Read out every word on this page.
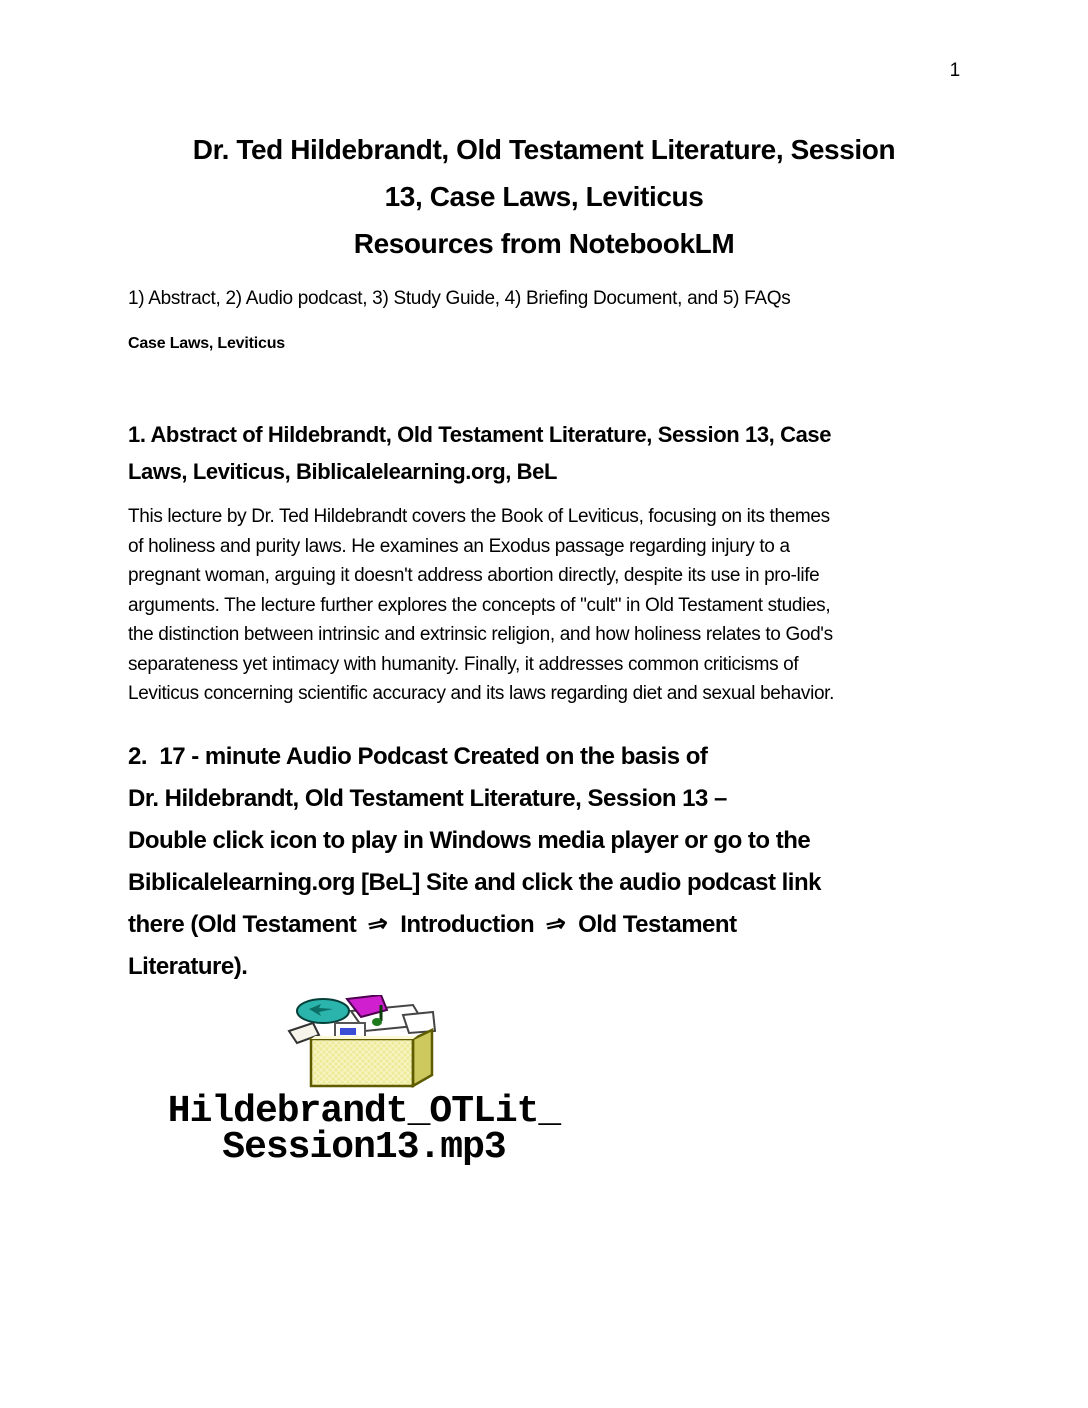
1
Dr. Ted Hildebrandt, Old Testament Literature, Session
13, Case Laws, Leviticus
Resources from NotebookLM

1) Abstract, 2) Audio podcast, 3) Study Guide, 4) Briefing Document, and 5) FAQs

Case Laws, Leviticus

1. Abstract of Hildebrandt, Old Testament Literature, Session 13, Case
Laws, Leviticus, Biblicalelearning.org, BeL
This lecture by Dr. Ted Hildebrandt covers the Book of Leviticus, focusing on its themes
of holiness and purity laws. He examines an Exodus passage regarding injury to a
pregnant woman, arguing it doesn't address abortion directly, despite its use in pro-life
arguments. The lecture further explores the concepts of "cult" in Old Testament studies,
the distinction between intrinsic and extrinsic religion, and how holiness relates to God's
separateness yet intimacy with humanity. Finally, it addresses common criticisms of
Leviticus concerning scientific accuracy and its laws regarding diet and sexual behavior.
2.  17 - minute Audio Podcast Created on the basis of
Dr. Hildebrandt, Old Testament Literature, Session 13 –
Double click icon to play in Windows media player or go to the
Biblicalelearning.org [BeL] Site and click the audio podcast link
there (Old Testament ⇒ Introduction ⇒ Old Testament
Literature).
Hildebrandt_OTLit_
Session13.mp3
